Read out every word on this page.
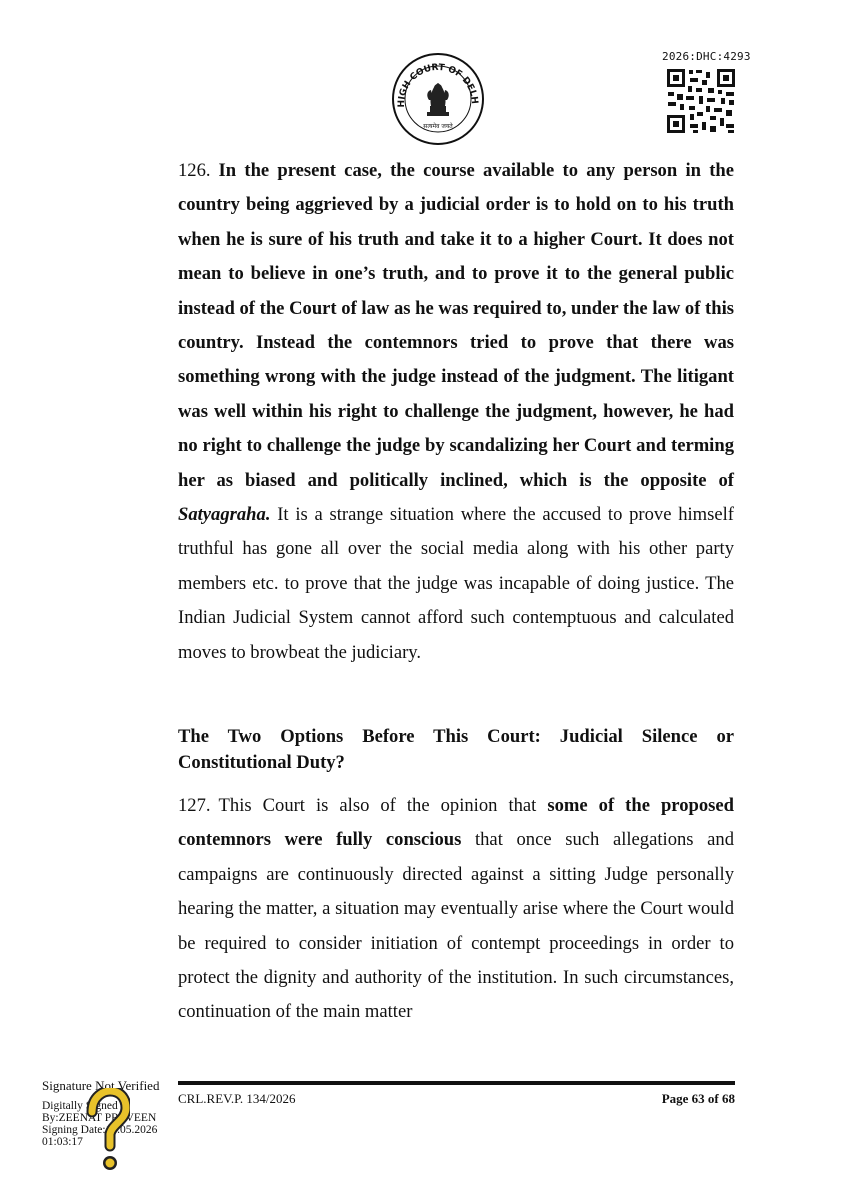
HIGH COURT OF DELH
सत्यमेव जयते
2026:DHC:4293
126. In the present case, the course available to any person in the country being aggrieved by a judicial order is to hold on to his truth when he is sure of his truth and take it to a higher Court. It does not mean to believe in one’s truth, and to prove it to the general public instead of the Court of law as he was required to, under the law of this country. Instead the contemnors tried to prove that there was something wrong with the judge instead of the judgment. The litigant was well within his right to challenge the judgment, however, he had no right to challenge the judge by scandalizing her Court and terming her as biased and politically inclined, which is the opposite of Satyagraha. It is a strange situation where the accused to prove himself truthful has gone all over the social media along with his other party members etc. to prove that the judge was incapable of doing justice. The Indian Judicial System cannot afford such contemptuous and calculated moves to browbeat the judiciary.
The Two Options Before This Court: Judicial Silence or Constitutional Duty?
127. This Court is also of the opinion that some of the proposed contemnors were fully conscious that once such allegations and campaigns are continuously directed against a sitting Judge personally hearing the matter, a situation may eventually arise where the Court would be required to consider initiation of contempt proceedings in order to protect the dignity and authority of the institution. In such circumstances, continuation of the main matter
CRL.REV.P. 134/2026	Page 63 of 68
Signature Not Verified
Digitally Signed
By:ZEENAT PRAVEEN
Signing Date:15.05.2026
01:03:17
